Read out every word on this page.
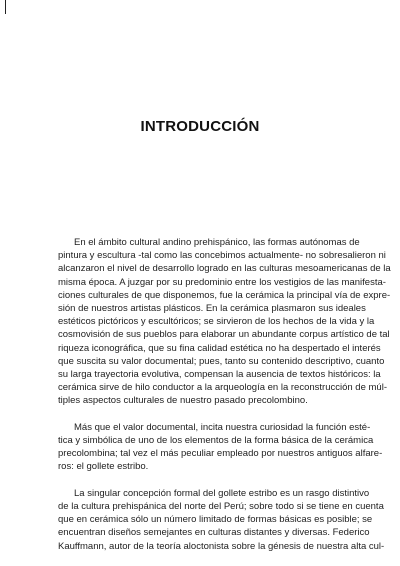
INTRODUCCIÓN

En el ámbito cultural andino prehispánico, las formas autónomas de
pintura y escultura -tal como las concebimos actualmente- no sobresalieron ni
alcanzaron el nivel de desarrollo logrado en las culturas mesoamericanas de la
misma época. A juzgar por su predominio entre los vestigios de las manifesta-
ciones culturales de que disponemos, fue la cerámica la principal vía de expre-
sión de nuestros artistas plásticos. En la cerámica plasmaron sus ideales
estéticos pictóricos y escultóricos; se sirvieron de los hechos de la vida y la
cosmovisión de sus pueblos para elaborar un abundante corpus artístico de tal
riqueza iconográfica, que su fina calidad estética no ha despertado el interés
que suscita su valor documental; pues, tanto su contenido descriptivo, cuanto
su larga trayectoria evolutiva, compensan la ausencia de textos históricos: la
cerámica sirve de hilo conductor a la arqueología en la reconstrucción de múl-
tiples aspectos culturales de nuestro pasado precolombino.

Más que el valor documental, incita nuestra curiosidad la función esté-
tica y simbólica de uno de los elementos de la forma básica de la cerámica
precolombina; tal vez el más peculiar empleado por nuestros antiguos alfare-
ros: el gollete estribo.

La singular concepción formal del gollete estribo es un rasgo distintivo
de la cultura prehispánica del norte del Perú; sobre todo si se tiene en cuenta
que en cerámica sólo un número limitado de formas básicas es posible; se
encuentran diseños semejantes en culturas distantes y diversas. Federico
Kauffmann, autor de la teoría aloctonista sobre la génesis de nuestra alta cul-
